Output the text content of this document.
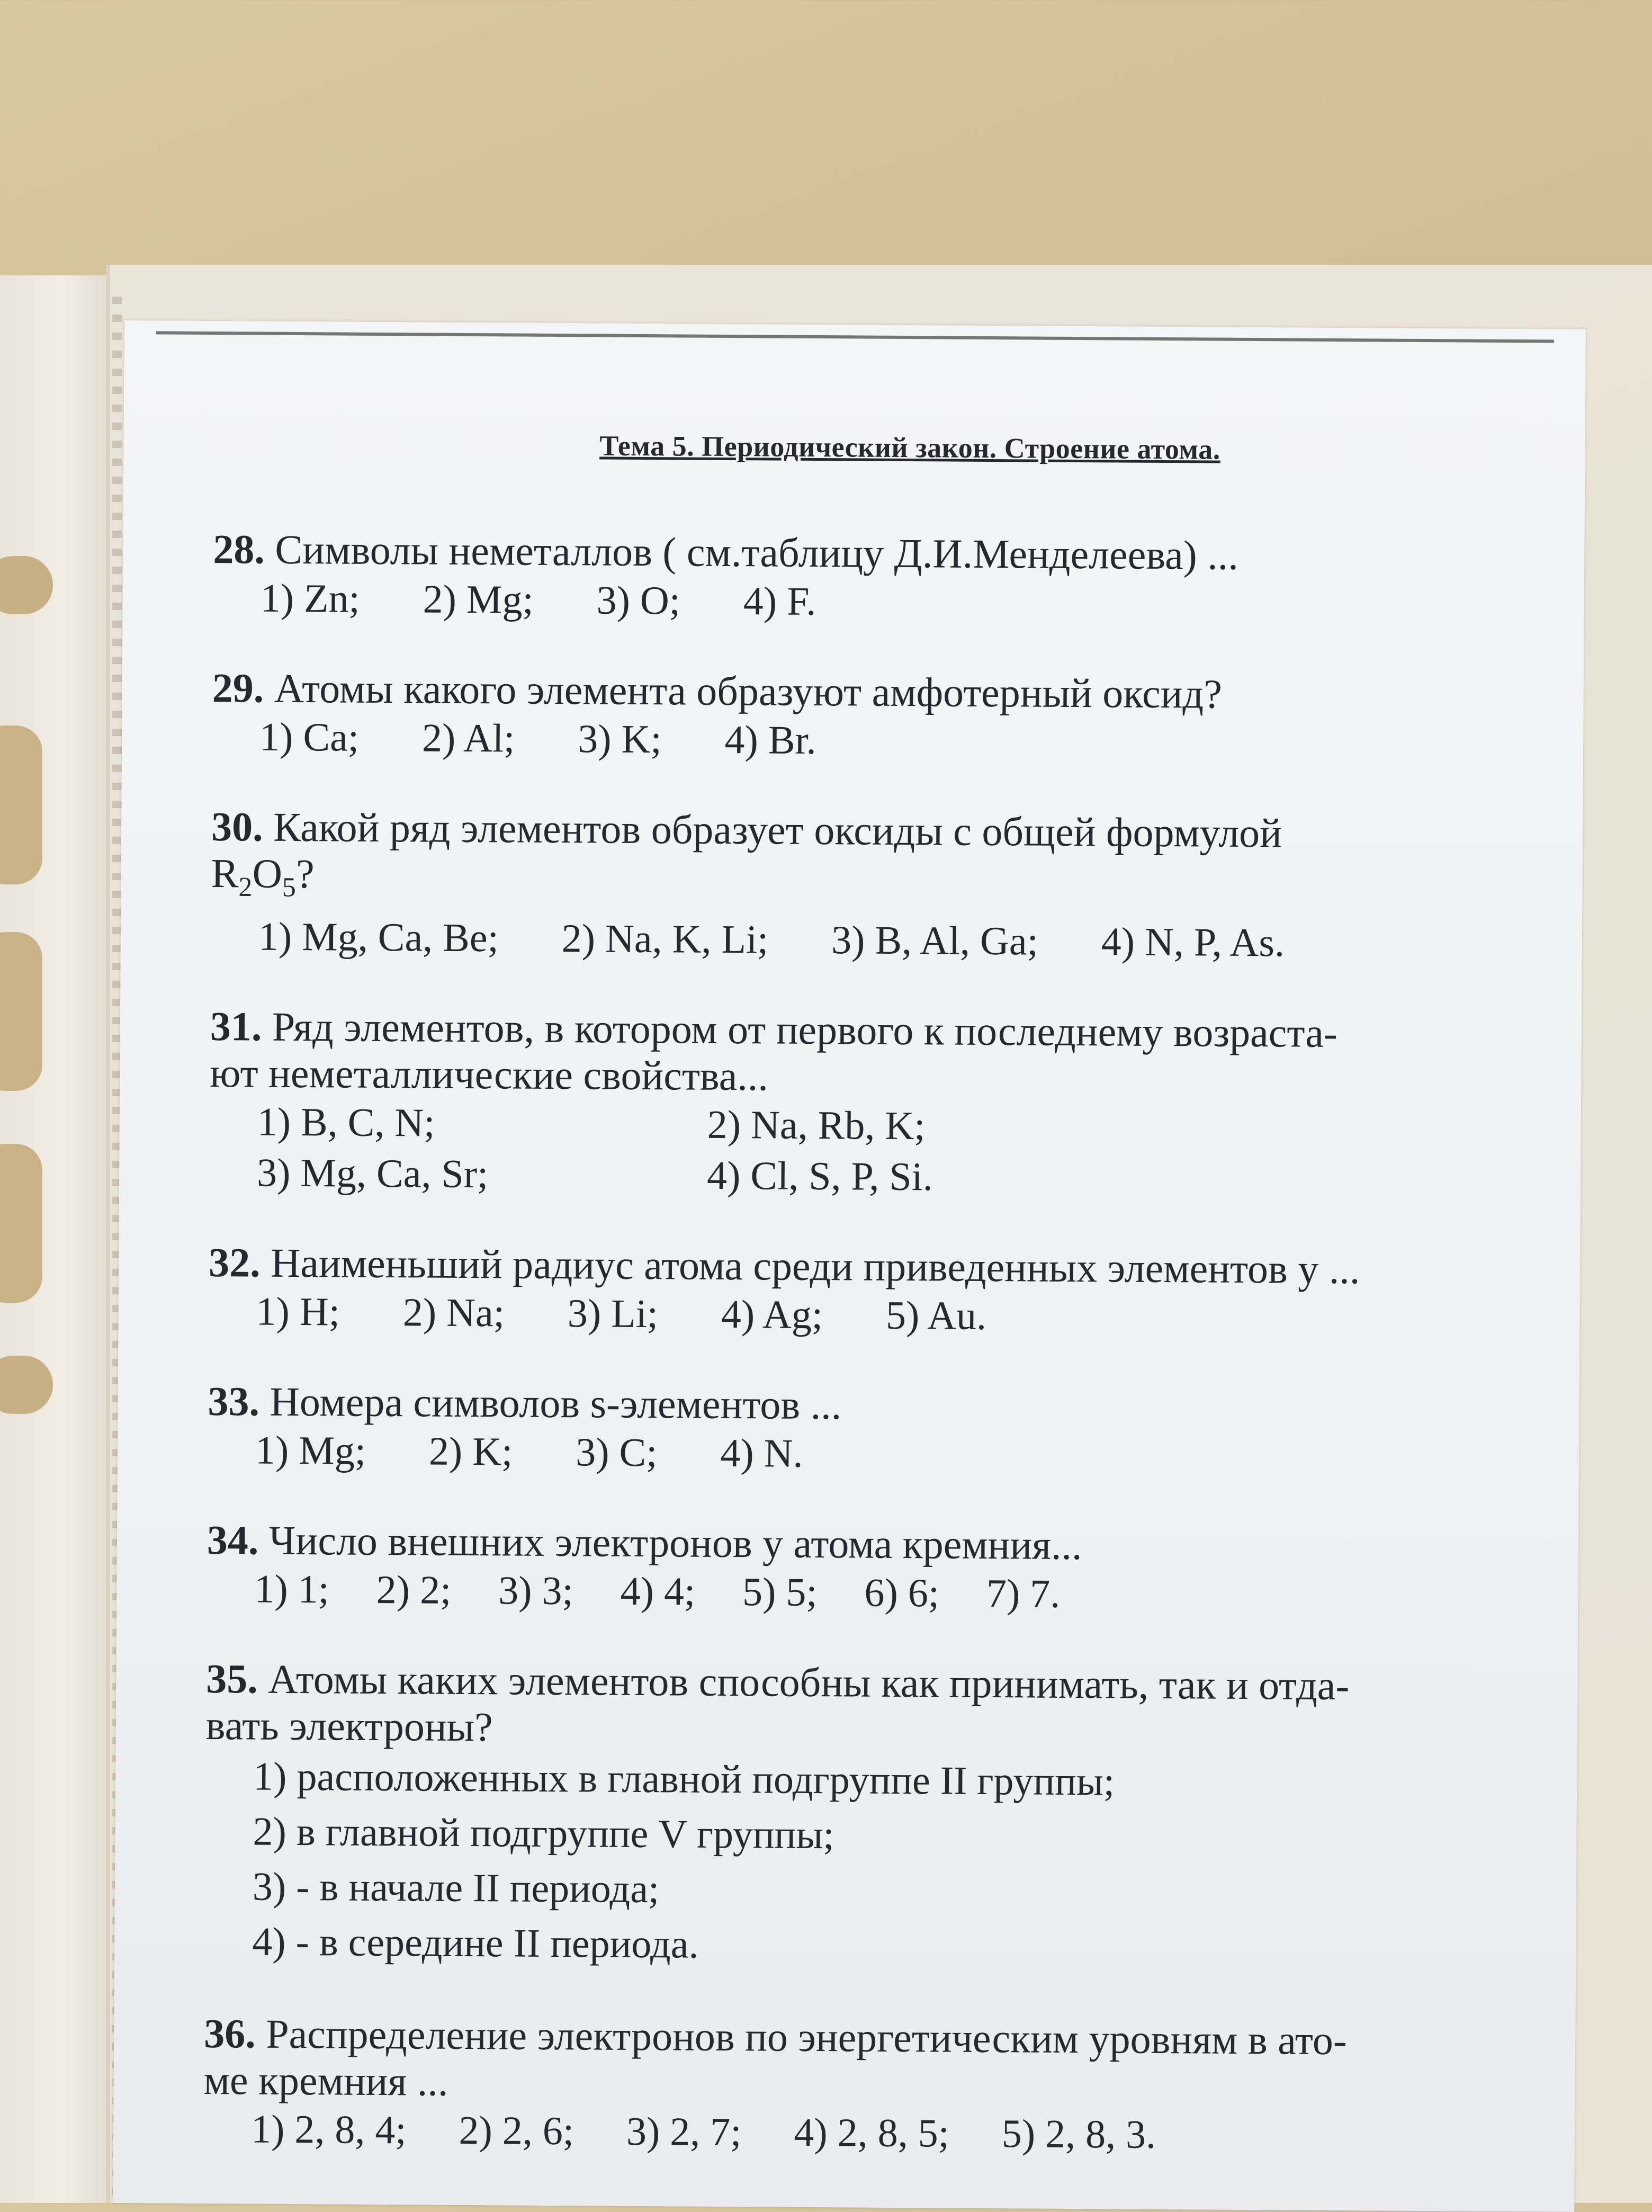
Тема 5. Периодический закон. Строение атома.
28. Символы неметаллов ( см.таблицу Д.И.Менделеева) ...
1) Zn; 2) Mg; 3) O; 4) F.
29. Атомы какого элемента образуют амфотерный оксид?
1) Ca; 2) Al; 3) K; 4) Br.
30. Какой ряд элементов образует оксиды с общей формулой
$R_2O_5$?
1) Mg, Ca, Be; 2) Na, K, Li; 3) B, Al, Ga; 4) N, P, As.
31. Ряд элементов, в котором от первого к последнему возраста-
ют неметаллические свойства...
1) B, C, N;	2) Na, Rb, K;
3) Mg, Ca, Sr;	4) Cl, S, P, Si.
32. Наименьший радиус атома среди приведенных элементов у ...
1) H; 2) Na; 3) Li; 4) Ag; 5) Au.
33. Номера символов s-элементов ...
1) Mg; 2) K; 3) C; 4) N.
34. Число внешних электронов у атома кремния...
1) 1; 2) 2; 3) 3; 4) 4; 5) 5; 6) 6; 7) 7.
35. Атомы каких элементов способны как принимать, так и отда-
вать электроны?
1) расположенных в главной подгруппе II группы;
2) в главной подгруппе V группы;
3) - в начале II периода;
4) - в середине II периода.
36. Распределение электронов по энергетическим уровням в ато-
ме кремния ...
1) 2, 8, 4; 2) 2, 6; 3) 2, 7; 4) 2, 8, 5; 5) 2, 8, 3.
